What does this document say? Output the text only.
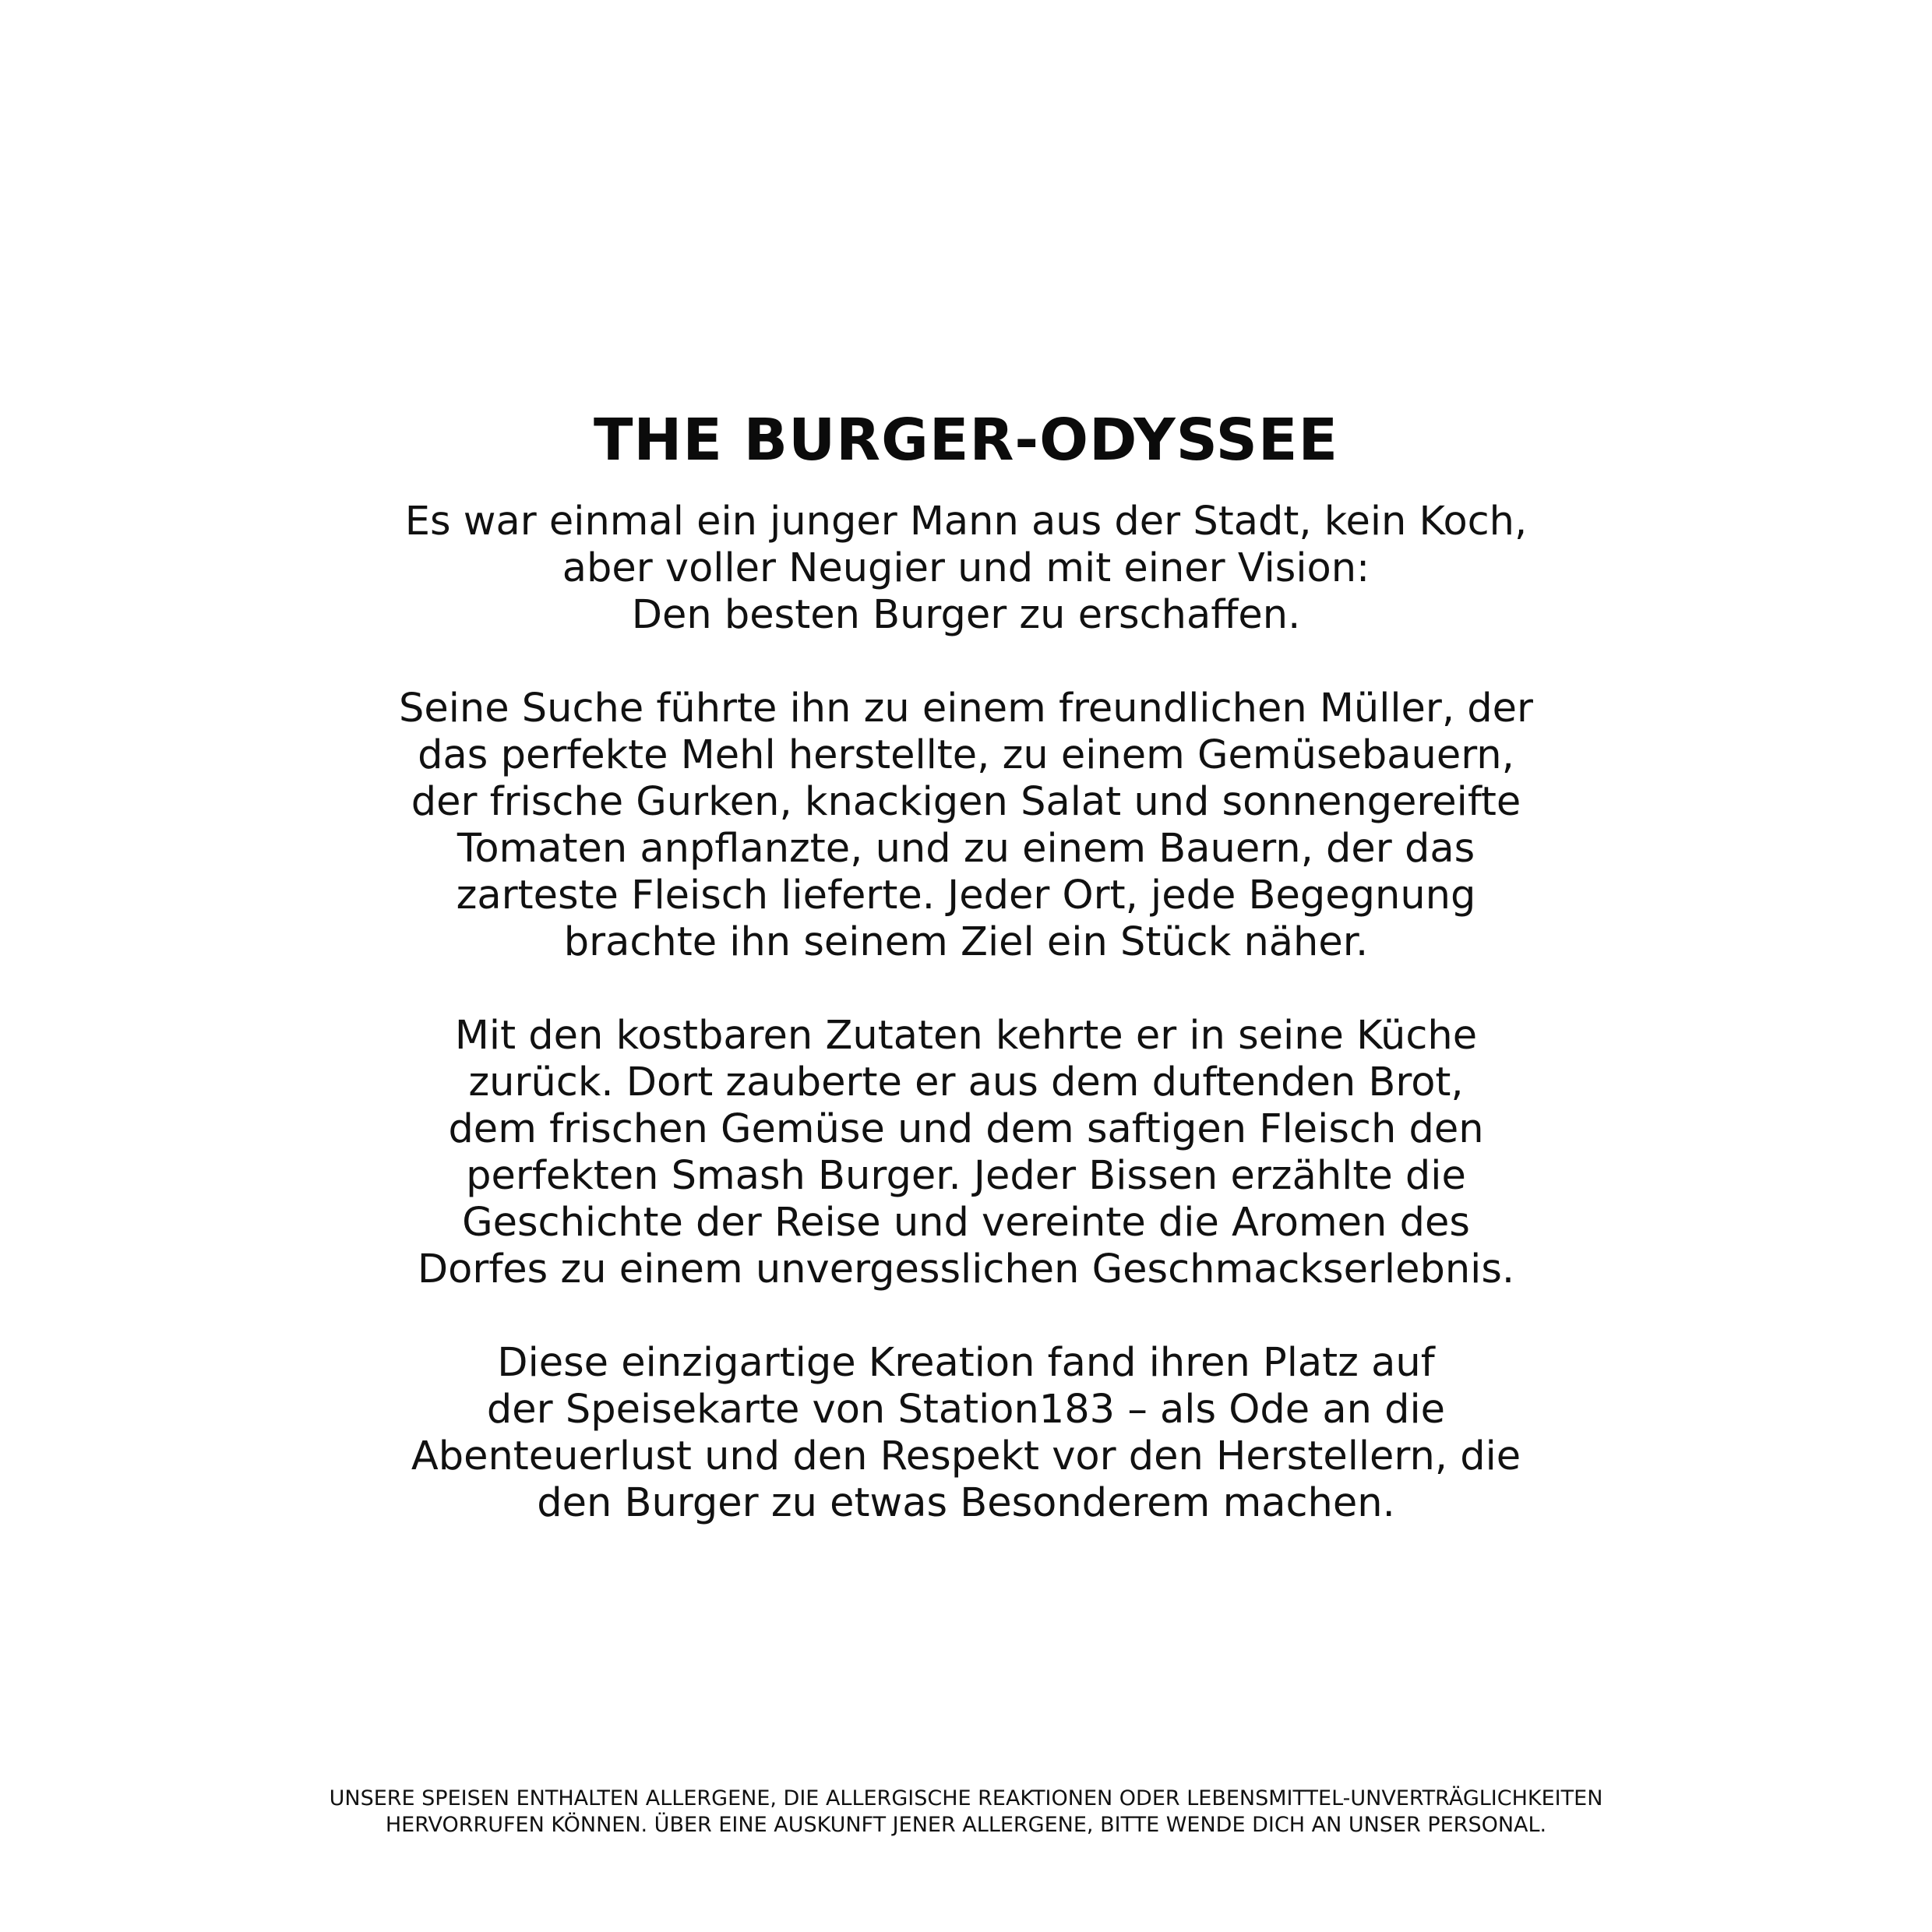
THE BURGER-ODYSSEE

Es war einmal ein junger Mann aus der Stadt, kein Koch,
aber voller Neugier und mit einer Vision:
Den besten Burger zu erschaffen.

Seine Suche führte ihn zu einem freundlichen Müller, der
das perfekte Mehl herstellte, zu einem Gemüsebauern,
der frische Gurken, knackigen Salat und sonnengereifte
Tomaten anpflanzte, und zu einem Bauern, der das
zarteste Fleisch lieferte. Jeder Ort, jede Begegnung
brachte ihn seinem Ziel ein Stück näher.

Mit den kostbaren Zutaten kehrte er in seine Küche
zurück. Dort zauberte er aus dem duftenden Brot,
dem frischen Gemüse und dem saftigen Fleisch den
perfekten Smash Burger. Jeder Bissen erzählte die
Geschichte der Reise und vereinte die Aromen des
Dorfes zu einem unvergesslichen Geschmackserlebnis.

Diese einzigartige Kreation fand ihren Platz auf
der Speisekarte von Station183 – als Ode an die
Abenteuerlust und den Respekt vor den Herstellern, die
den Burger zu etwas Besonderem machen.

UNSERE SPEISEN ENTHALTEN ALLERGENE, DIE ALLERGISCHE REAKTIONEN ODER LEBENSMITTEL-UNVERTRÄGLICHKEITEN
HERVORRUFEN KÖNNEN. ÜBER EINE AUSKUNFT JENER ALLERGENE, BITTE WENDE DICH AN UNSER PERSONAL.
